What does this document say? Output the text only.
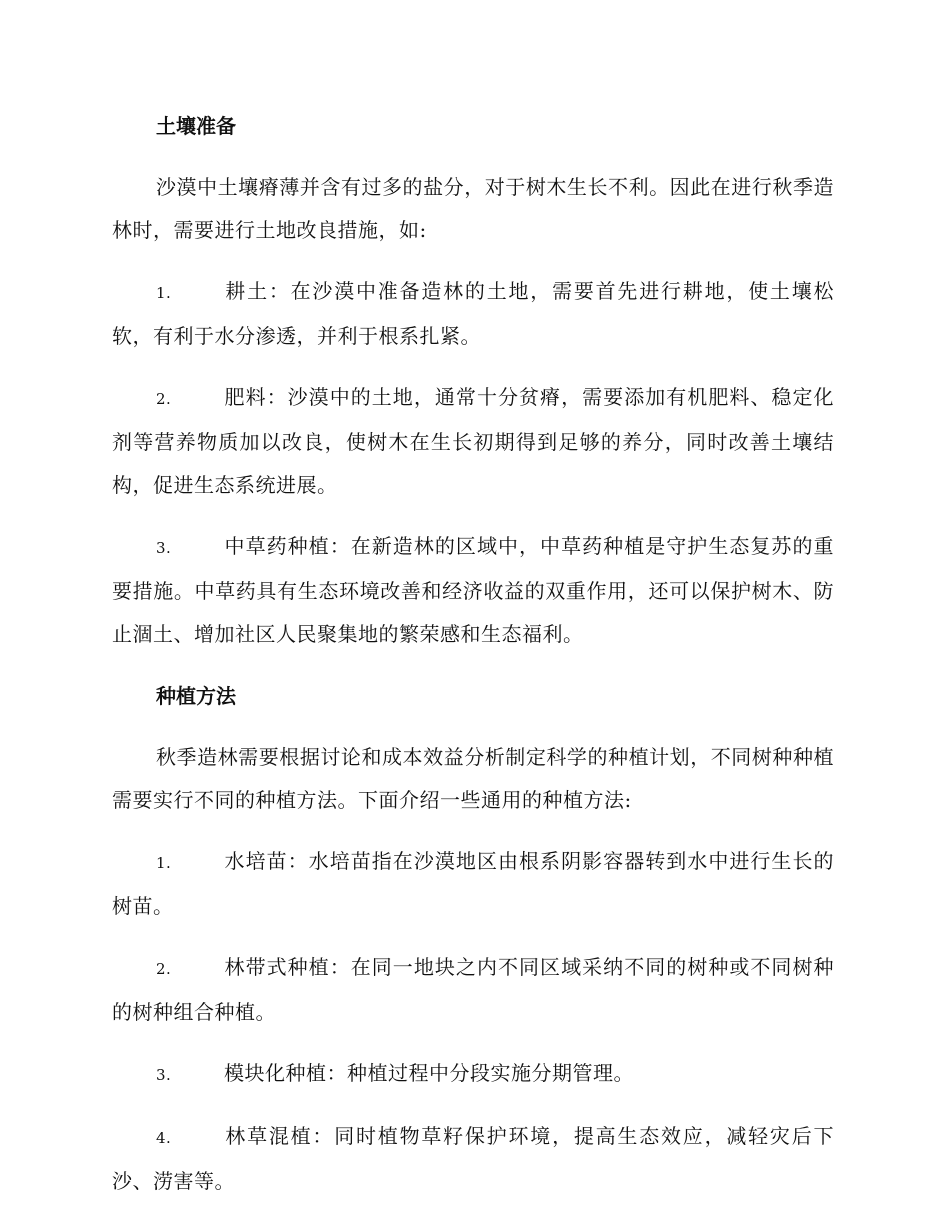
土壤准备

沙漠中土壤瘠薄并含有过多的盐分，对于树木生长不利。因此在进行秋季造林时，需要进行土地改良措施，如:

1.	耕土：在沙漠中准备造林的土地，需要首先进行耕地，使土壤松软，有利于水分渗透，并利于根系扎紧。

2.	肥料：沙漠中的土地，通常十分贫瘠，需要添加有机肥料、稳定化剂等营养物质加以改良，使树木在生长初期得到足够的养分，同时改善土壤结构，促进生态系统进展。

3.	中草药种植：在新造林的区域中，中草药种植是守护生态复苏的重要措施。中草药具有生态环境改善和经济收益的双重作用，还可以保护树木、防止涸土、增加社区人民聚集地的繁荣感和生态福利。

种植方法

秋季造林需要根据讨论和成本效益分析制定科学的种植计划，不同树种种植需要实行不同的种植方法。下面介绍一些通用的种植方法:

1.	水培苗：水培苗指在沙漠地区由根系阴影容器转到水中进行生长的树苗。

2.	林带式种植：在同一地块之内不同区域采纳不同的树种或不同树种的树种组合种植。

3.	模块化种植：种植过程中分段实施分期管理。

4.	林草混植：同时植物草籽保护环境，提高生态效应，减轻灾后下沙、涝害等。
